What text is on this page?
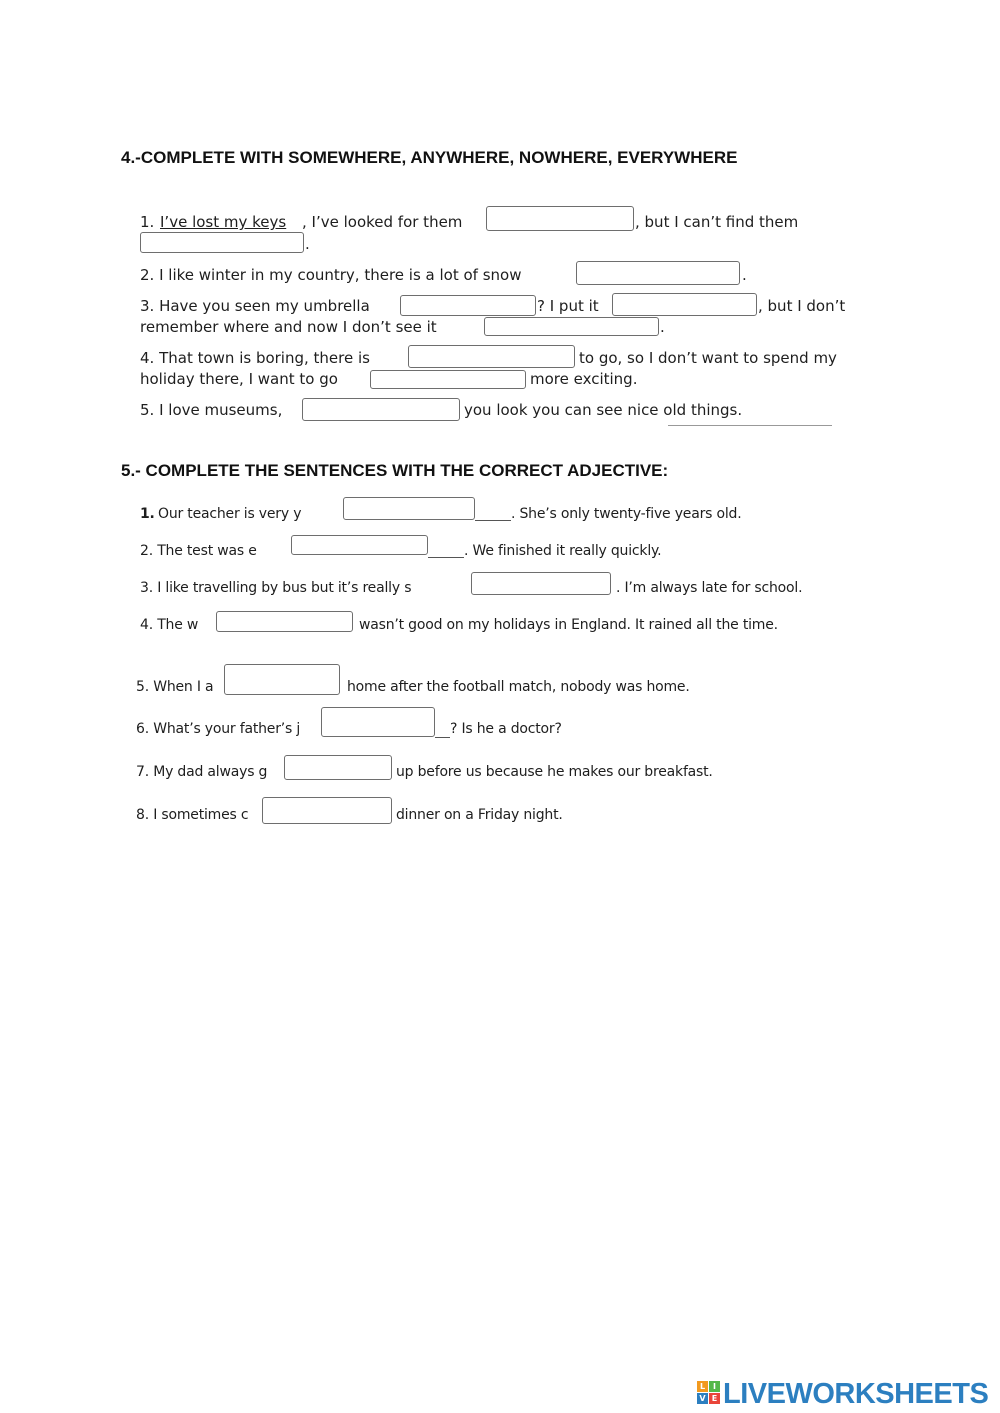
4.-COMPLETE WITH SOMEWHERE, ANYWHERE, NOWHERE, EVERYWHERE
1. I’ve lost my keys , I’ve looked for them	, but I can’t find them
.
2. I like winter in my country, there is a lot of snow	.
3. Have you seen my umbrella	? I put it	, but I don’t
remember where and now I don’t see it	.
4. That town is boring, there is	to go, so I don’t want to spend my
holiday there, I want to go	more exciting.
5. I love museums,	you look you can see nice old things.
5.- COMPLETE THE SENTENCES WITH THE CORRECT ADJECTIVE:
1. Our teacher is very y	. She’s only twenty-five years old.
2. The test was e	. We finished it really quickly.
3. I like travelling by bus but it’s really s	. I’m always late for school.
4. The w	wasn’t good on my holidays in England. It rained all the time.
5. When I a	home after the football match, nobody was home.
6. What’s your father’s j	? Is he a doctor?
7. My dad always g	up before us because he makes our breakfast.
8. I sometimes c	dinner on a Friday night.
L I
V E LIVEWORKSHEETS
